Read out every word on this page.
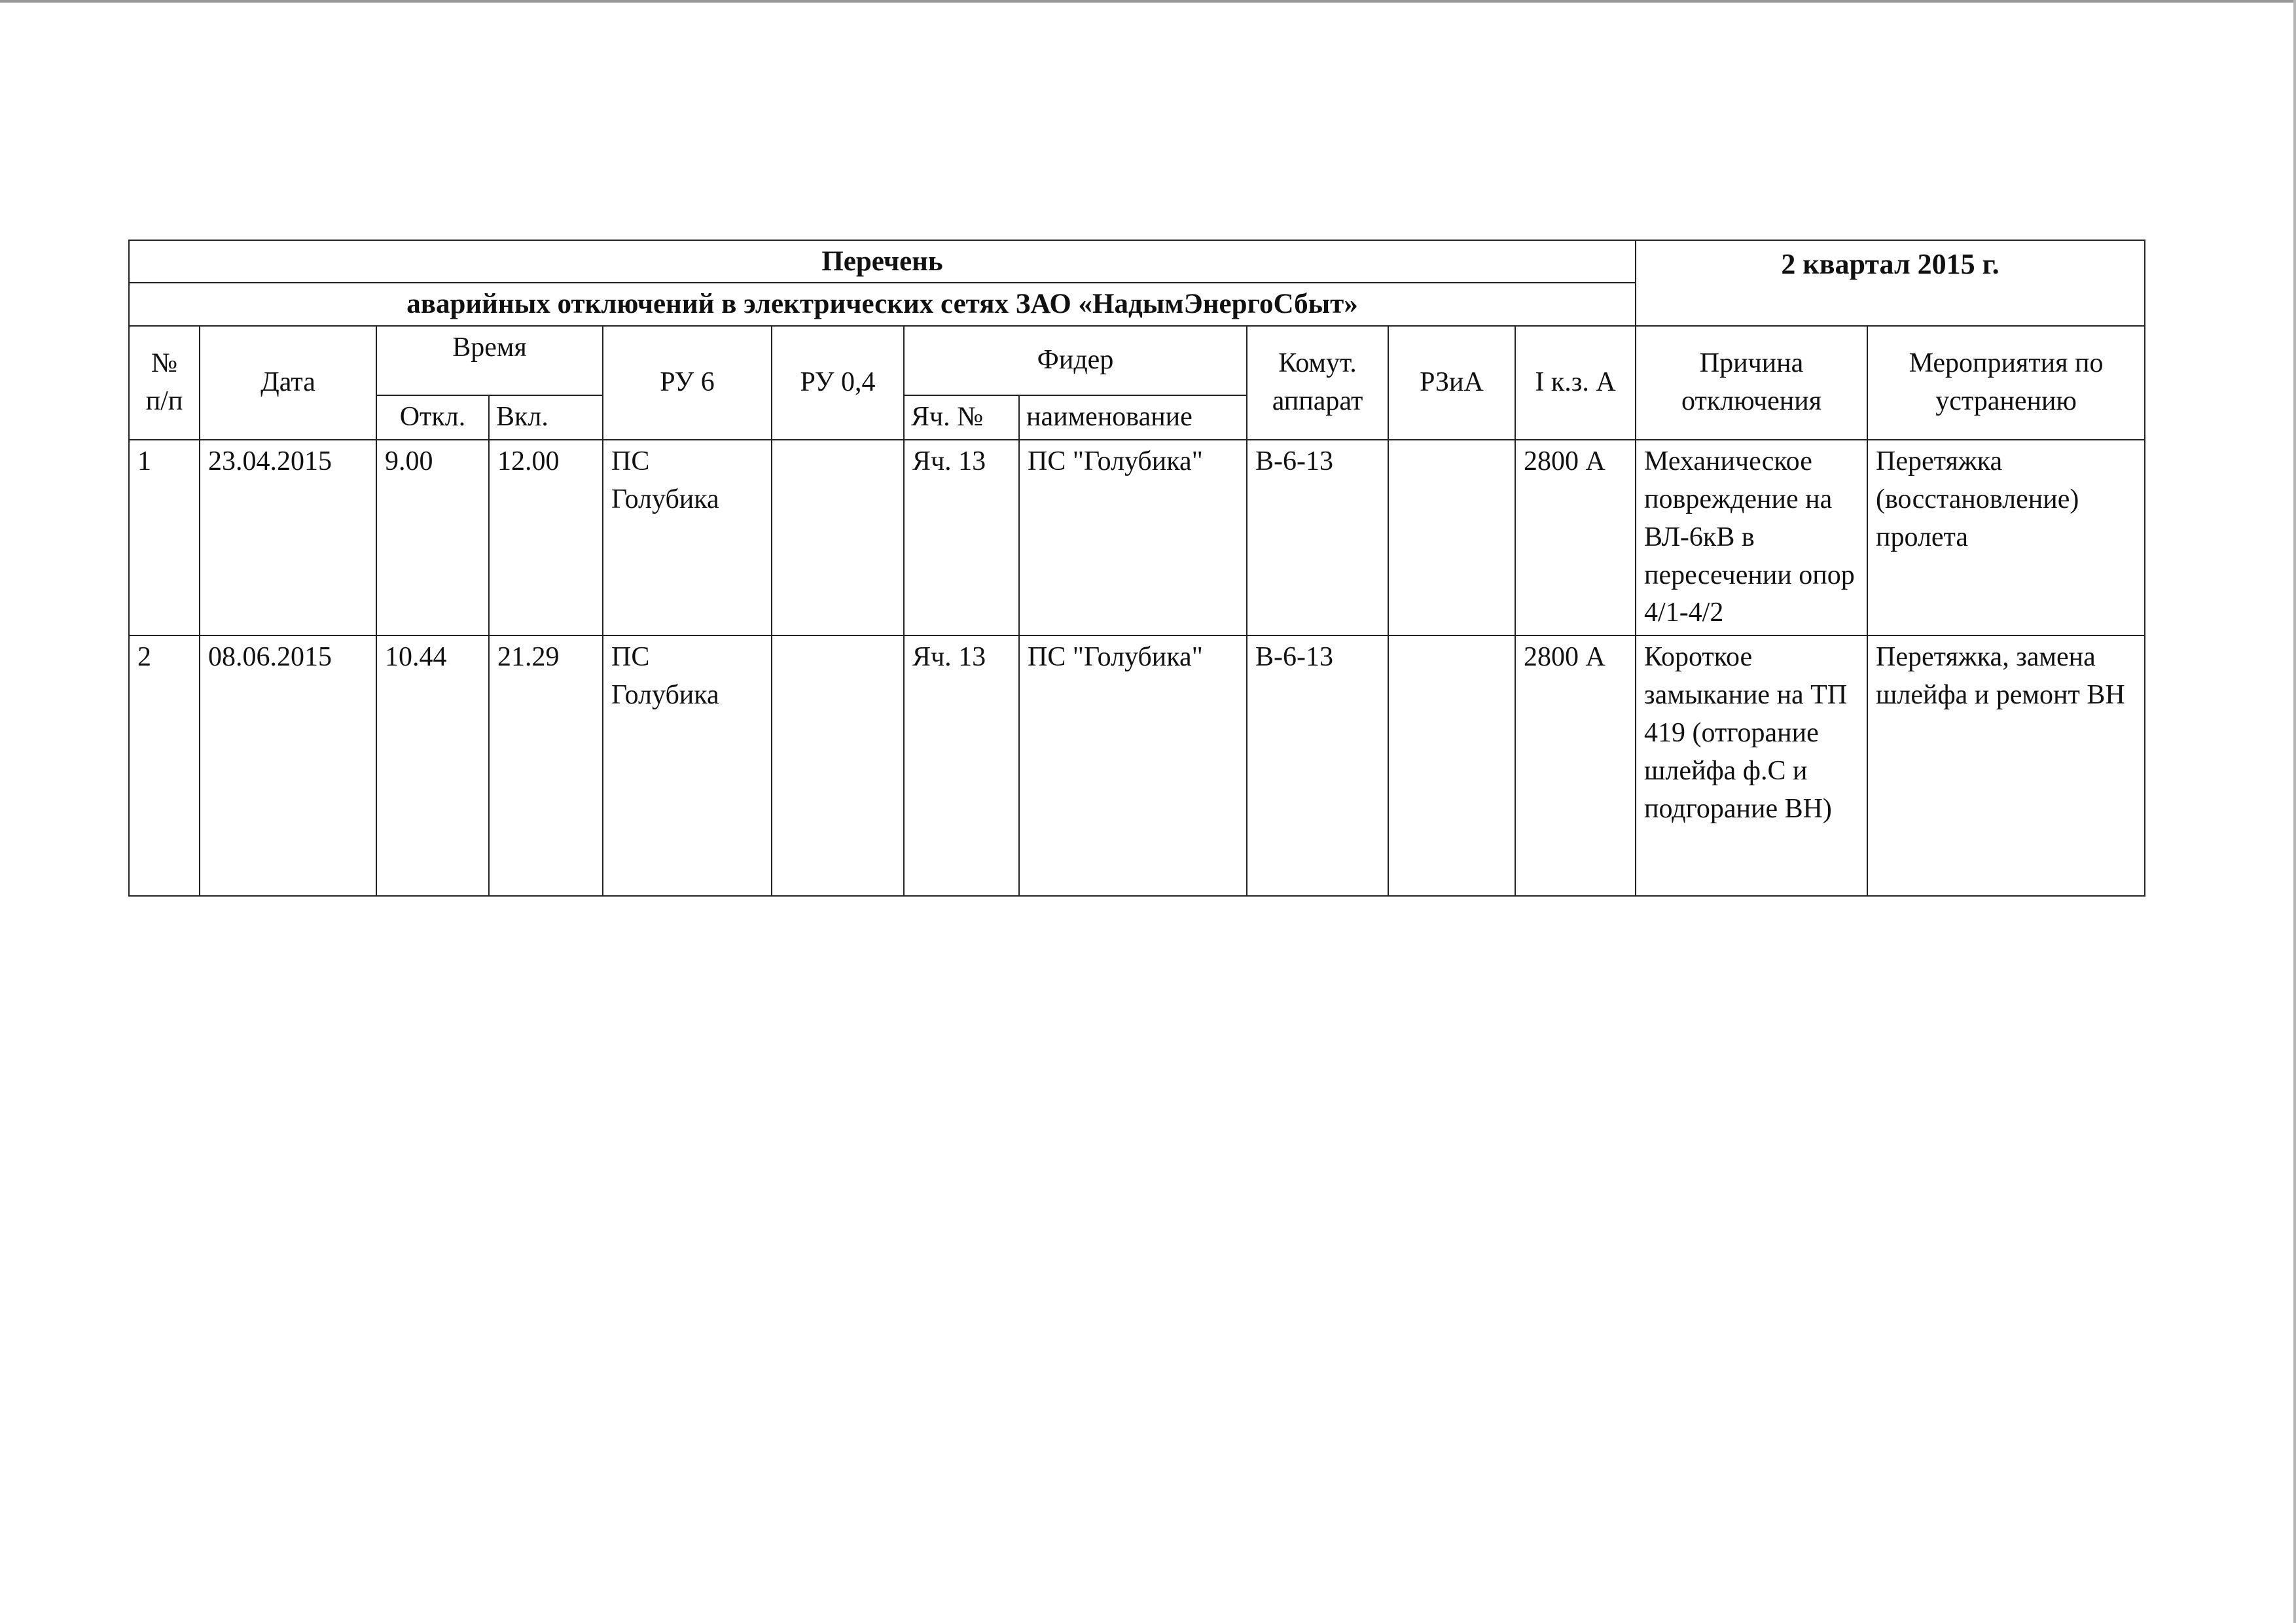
Перечень											2 квартал 2015 г.	
аварийных отключений в электрических сетях ЗАО «НадымЭнергоСбыт»												
№ п/п	Дата	Время		РУ 6	РУ 0,4	Фидер		Комут. аппарат	РЗиА	I к.з. А	Причина отключения	Мероприятия по устранению
		Откл.	Вкл.			Яч. №	наименование					
1	23.04.2015	9.00	12.00	ПС Голубика		Яч. 13	ПС "Голубика"	В-6-13		2800 А	Механическое повреждение на ВЛ-6кВ в пересечении опор 4/1-4/2	Перетяжка (восстановление) пролета
2	08.06.2015	10.44	21.29	ПС Голубика		Яч. 13	ПС "Голубика"	В-6-13		2800 А	Короткое замыкание на ТП 419 (отгорание шлейфа ф.С и подгорание ВН)	Перетяжка, замена шлейфа и ремонт ВН
